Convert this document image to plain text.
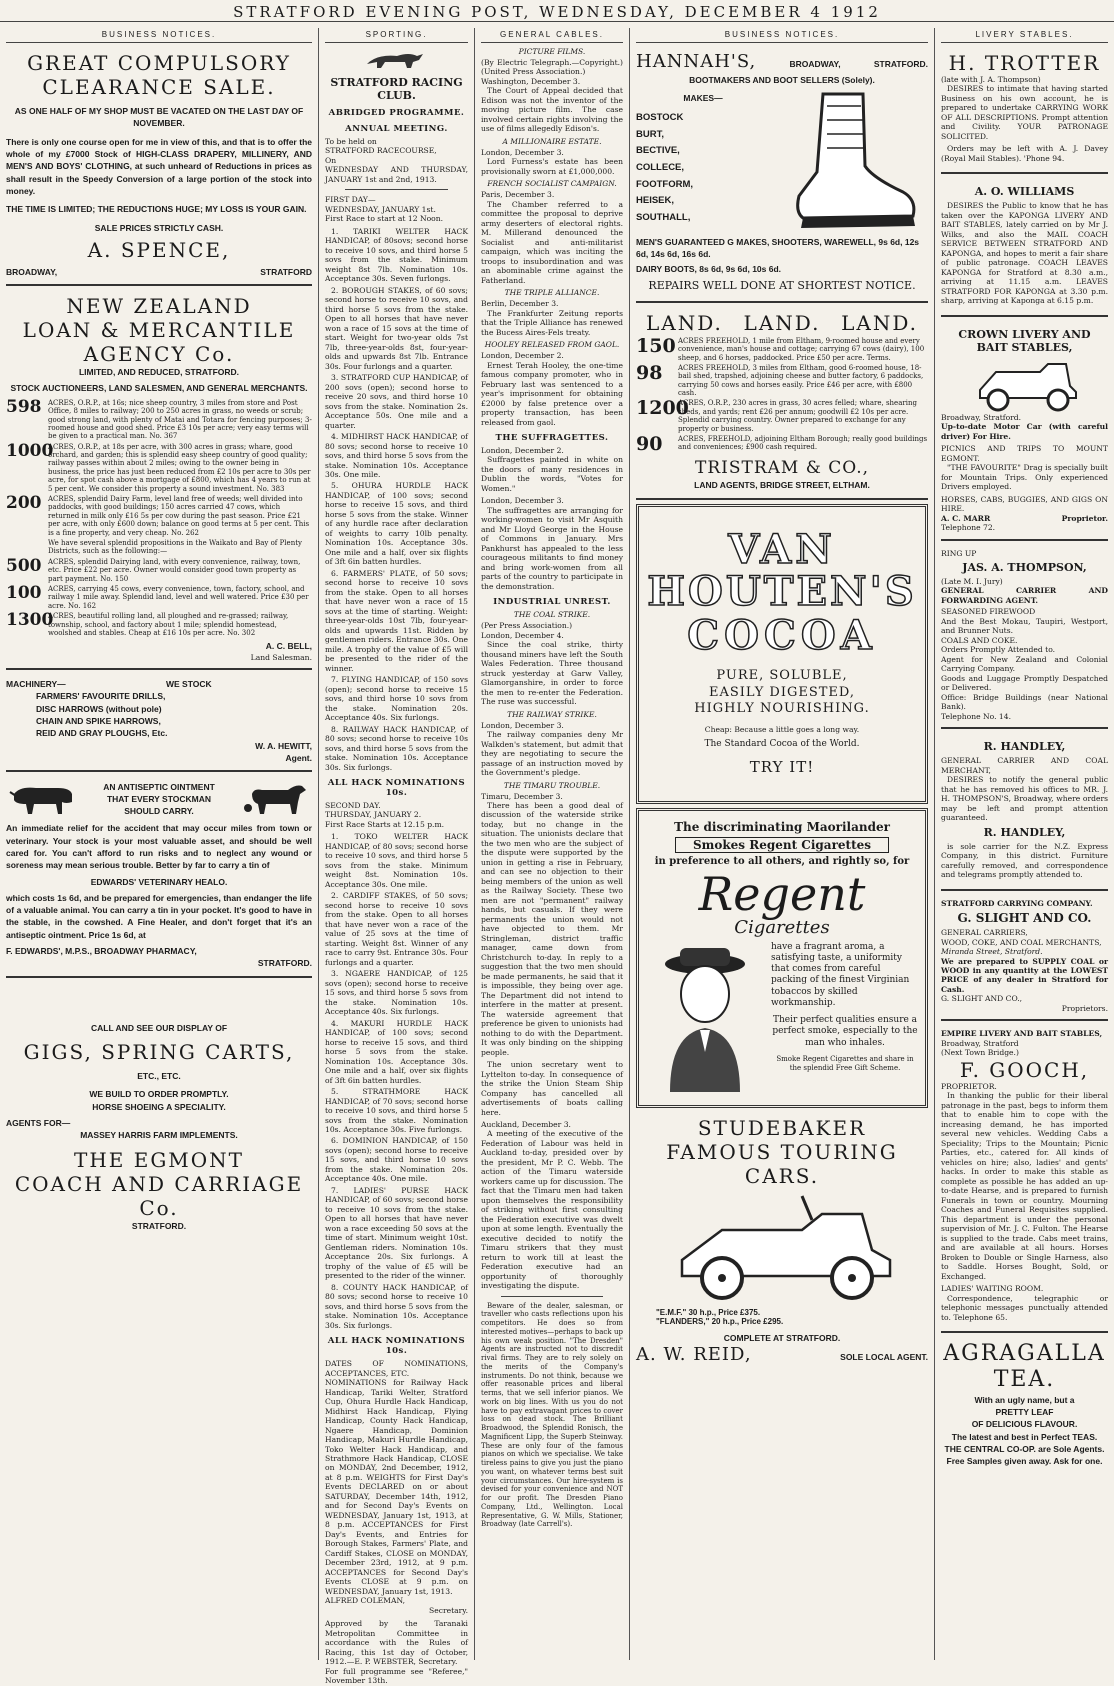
STRATFORD EVENING POST, WEDNESDAY, DECEMBER 4 1912
BUSINESS NOTICES.
GREAT COMPULSORY
CLEARANCE SALE.
AS ONE HALF OF MY SHOP MUST BE VACATED ON THE LAST DAY OF NOVEMBER.
There is only one course open for me in view of this, and that is to offer the whole of my £7000 Stock of HIGH-CLASS DRAPERY, MILLINERY, AND MEN'S AND BOYS' CLOTHING, at such unheard of Reductions in prices as shall result in the Speedy Conversion of a large portion of the stock into money.
THE TIME IS LIMITED; THE REDUCTIONS HUGE; MY LOSS IS YOUR GAIN.
SALE PRICES STRICTLY CASH.
A. SPENCE,
BROADWAY,	STRATFORD
NEW ZEALAND
LOAN & MERCANTILE
AGENCY Co.
LIMITED, AND REDUCED, STRATFORD.
STOCK AUCTIONEERS, LAND SALESMEN, AND GENERAL MERCHANTS.
598 ACRES, O.R.P., at 16s; nice sheep country, 3 miles from store and Post Office, 8 miles to railway; 200 to 250 acres in grass, no weeds or scrub; good strong land, with plenty of Matai and Totara for fencing purposes; 3-roomed house and good shed. Price £3 10s per acre; very easy terms will be given to a practical man. No. 367
1000
ACRES, O.R.P., at 18s per acre, with 300 acres in grass; whare, good orchard, and garden; this is splendid easy sheep country of good quality; railway passes within about 2 miles; owing to the owner being in business, the price has just been reduced from £2 10s per acre to 30s per acre, for spot cash above a mortgage of £800, which has 4 years to run at 5 per cent. We consider this property a sound investment. No. 383
200 ACRES, splendid Dairy Farm, level land free of weeds; well divided into paddocks, with good buildings; 150 acres carried 47 cows, which returned in milk only £16 5s per cow during the past season. Price £21 per acre, with only £600 down; balance on good terms at 5 per cent. This is a fine property, and very cheap. No. 262
We have several splendid propositions in the Waikato and Bay of Plenty Districts, such as the following:—
500 ACRES, splendid Dairying land, with every convenience, railway, town, etc. Price £22 per acre. Owner would consider good town property as part payment. No. 150
100 ACRES, carrying 45 cows, every convenience, town, factory, school, and railway 1 mile away. Splendid land, level and well watered. Price £30 per acre. No. 162
1300
ACRES, beautiful rolling land, all ploughed and re-grassed; railway, township, school, and factory about 1 mile; splendid homestead, woolshed and stables. Cheap at £16 10s per acre. No. 302
A. C. BELL,
Land Salesman.
MACHINERY—	WE STOCK
FARMERS' FAVOURITE DRILLS,
DISC HARROWS (without pole)
CHAIN AND SPIKE HARROWS,
REID AND GRAY PLOUGHS, Etc.
W. A. HEWITT,
Agent.
AN ANTISEPTIC OINTMENT
THAT EVERY STOCKMAN
SHOULD CARRY.
An immediate relief for the accident that may occur miles from town or veterinary. Your stock is your most valuable asset, and should be well cared for. You can't afford to run risks and to neglect any wound or soreness may mean serious trouble. Better by far to carry a tin of
EDWARDS' VETERINARY HEALO.
which costs 1s 6d, and be prepared for emergencies, than endanger the life of a valuable animal. You can carry a tin in your pocket. It's good to have in the stable, in the cowshed. A Fine Healer, and don't forget that it's an antiseptic ointment. Price 1s 6d, at
F. EDWARDS', M.P.S., BROADWAY PHARMACY,
STRATFORD.
CALL AND SEE OUR DISPLAY OF
GIGS, SPRING CARTS,
ETC., ETC.
WE BUILD TO ORDER PROMPTLY.
HORSE SHOEING A SPECIALITY.
AGENTS FOR—
MASSEY HARRIS FARM IMPLEMENTS.
THE EGMONT
COACH AND CARRIAGE Co.
STRATFORD.
SPORTING.
STRATFORD RACING CLUB.
ABRIDGED PROGRAMME.
ANNUAL MEETING.
To be held on
STRATFORD RACECOURSE,
On
WEDNESDAY AND THURSDAY, JANUARY 1st and 2nd, 1913.
FIRST DAY—
WEDNESDAY, JANUARY 1st.
First Race to start at 12 Noon.

1. TARIKI WELTER HACK HANDICAP, of 80sovs; second horse to receive 10 sovs, and third horse 5 sovs from the stake. Minimum weight 8st 7lb. Nomination 10s. Acceptance 30s. Seven furlongs.

2. BOROUGH STAKES, of 60 sovs; second horse to receive 10 sovs, and third horse 5 sovs from the stake. Open to all horses that have never won a race of 15 sovs at the time of start. Weight for two-year olds 7st 7lb, three-year-olds 8st, four-year-olds and upwards 8st 7lb. Entrance 30s. Four furlongs and a quarter.

3. STRATFORD CUP HANDICAP, of 200 sovs (open); second horse to receive 20 sovs, and third horse 10 sovs from the stake. Nomination 2s. Acceptance 50s. One mile and a quarter.

4. MIDHIRST HACK HANDICAP, of 80 sovs; second horse to receive 10 sovs, and third horse 5 sovs from the stake. Nomination 10s. Acceptance 30s. One mile.

5. OHURA HURDLE HACK HANDICAP, of 100 sovs; second horse to receive 15 sovs, and third horse 5 sovs from the stake. Winner of any hurdle race after declaration of weights to carry 10lb penalty. Nomination 10s. Acceptance 30s. One mile and a half, over six flights of 3ft 6in batten hurdles.

6. FARMERS' PLATE, of 50 sovs; second horse to receive 10 sovs from the stake. Open to all horses that have never won a race of 15 sovs at the time of starting. Weight: three-year-olds 10st 7lb, four-year-olds and upwards 11st. Ridden by gentlemen riders. Entrance 30s. One mile. A trophy of the value of £5 will be presented to the rider of the winner.

7. FLYING HANDICAP, of 150 sovs (open); second horse to receive 15 sovs, and third horse 10 sovs from the stake. Nomination 20s. Acceptance 40s. Six furlongs.

8. RAILWAY HACK HANDICAP, of 80 sovs; second horse to receive 10s sovs, and third horse 5 sovs from the stake. Nomination 10s. Acceptance 30s. Six furlongs.

ALL HACK NOMINATIONS 10s.
SECOND DAY.
THURSDAY, JANUARY 2.
First Race Starts at 12.15 p.m.

1. TOKO WELTER HACK HANDICAP, of 80 sovs; second horse to receive 10 sovs, and third horse 5 sovs from the stake. Minimum weight 8st. Nomination 10s. Acceptance 30s. One mile.

2. CARDIFF STAKES, of 50 sovs; second horse to receive 10 sovs from the stake. Open to all horses that have never won a race of the value of 25 sovs at the time of starting. Weight 8st. Winner of any race to carry 9st. Entrance 30s. Four furlongs and a quarter.

3. NGAERE HANDICAP, of 125 sovs (open); second horse to receive 15 sovs, and third horse 5 sovs from the stake. Nomination 10s. Acceptance 40s. Six furlongs.

4. MAKURI HURDLE HACK HANDICAP, of 100 sovs; second horse to receive 15 sovs, and third horse 5 sovs from the stake. Nomination 10s. Acceptance 30s. One mile and a half, over six flights of 3ft 6in batten hurdles.

5. STRATHMORE HACK HANDICAP, of 70 sovs; second horse to receive 10 sovs, and third horse 5 sovs from the stake. Nomination 10s. Acceptance 30s. Five furlongs.

6. DOMINION HANDICAP, of 150 sovs (open); second horse to receive 15 sovs, and third horse 10 sovs from the stake. Nomination 20s. Acceptance 40s. One mile.

7. LADIES' PURSE HACK HANDICAP, of 60 sovs; second horse to receive 10 sovs from the stake. Open to all horses that have never won a race exceeding 50 sovs at the time of start. Minimum weight 10st. Gentleman riders. Nomination 10s. Acceptance 20s. Six furlongs. A trophy of the value of £5 will be presented to the rider of the winner.

8. COUNTY HACK HANDICAP, of 80 sovs; second horse to receive 10 sovs, and third horse 5 sovs from the stake. Nomination 10s. Acceptance 30s. Six furlongs.

ALL HACK NOMINATIONS 10s.
DATES OF NOMINATIONS, ACCEPTANCES, ETC.
NOMINATIONS for Railway Hack Handicap, Tariki Welter, Stratford Cup, Ohura Hurdle Hack Handicap, Midhirst Hack Handicap, Flying Handicap, County Hack Handicap, Ngaere Handicap, Dominion Handicap, Makuri Hurdle Handicap, Toko Welter Hack Handicap, and Strathmore Hack Handicap, CLOSE on MONDAY, 2nd December, 1912, at 8 p.m. WEIGHTS for First Day's Events DECLARED on or about SATURDAY, December 14th, 1912, and for Second Day's Events on WEDNESDAY, January 1st, 1913, at 8 p.m. ACCEPTANCES for First Day's Events, and Entries for Borough Stakes, Farmers' Plate, and Cardiff Stakes, CLOSE on MONDAY, December 23rd, 1912, at 9 p.m. ACCEPTANCES for Second Day's Events CLOSE at 9 p.m. on WEDNESDAY, January 1st, 1913.
ALFRED COLEMAN,
Secretary.
Approved by the Taranaki Metropolitan Committee in accordance with the Rules of Racing, this 1st day of October, 1912.—E. P. WEBSTER, Secretary.
For full programme see "Referee," November 13th.
GENERAL CABLES.
PICTURE FILMS.
(By Electric Telegraph.—Copyright.) (United Press Association.)
Washington, December 3.

The Court of Appeal decided that Edison was not the inventor of the moving picture film. The case involved certain rights involving the use of films allegedly Edison's.

A MILLIONAIRE ESTATE.
London, December 3.

Lord Furness's estate has been provisionally sworn at £1,000,000.

FRENCH SOCIALIST CAMPAIGN.
Paris, December 3.

The Chamber referred to a committee the proposal to deprive army deserters of electoral rights. M. Millerand denounced the Socialist and anti-militarist campaign, which was inciting the troops to insubordination and was an abominable crime against the Fatherland.

THE TRIPLE ALLIANCE.
Berlin, December 3.

The Frankfurter Zeitung reports that the Triple Alliance has renewed the Bucess Aires-Fels treaty.

HOOLEY RELEASED FROM GAOL.
London, December 2.

Ernest Terah Hooley, the one-time famous company promoter, who in February last was sentenced to a year's imprisonment for obtaining £2000 by false pretence over a property transaction, has been released from gaol.

THE SUFFRAGETTES.
London, December 2.

Suffragettes painted in white on the doors of many residences in Dublin the words, "Votes for Women."

London, December 3.

The suffragettes are arranging for working-women to visit Mr Asquith and Mr Lloyd George in the House of Commons in January. Mrs Pankhurst has appealed to the less courageous militants to find money and bring work-women from all parts of the country to participate in the demonstration.

INDUSTRIAL UNREST.
THE COAL STRIKE.
(Per Press Association.)
London, December 4.

Since the coal strike, thirty thousand miners have left the South Wales Federation. Three thousand struck yesterday at Garw Valley, Glamorganshire, in order to force the men to re-enter the Federation. The ruse was successful.

THE RAILWAY STRIKE.
London, December 3.

The railway companies deny Mr Walkden's statement, but admit that they are negotiating to secure the passage of an instruction moved by the Government's pledge.

THE TIMARU TROUBLE.
Timaru, December 3.

There has been a good deal of discussion of the waterside strike today, but no change in the situation. The unionists declare that the two men who are the subject of the dispute were supported by the union in getting a rise in February, and can see no objection to their being members of the union as well as the Railway Society. These two men are not "permanent" railway hands, but casuals. If they were permanents the union would not have objected to them. Mr Stringleman, district traffic manager, came down from Christchurch to-day. In reply to a suggestion that the two men should be made permanents, he said that it is impossible, they being over age. The Department did not intend to interfere in the matter at present. The waterside agreement that preference be given to unionists had nothing to do with the Department. It was only binding on the shipping people.

The union secretary went to Lyttelton to-day. In consequence of the strike the Union Steam Ship Company has cancelled all advertisements of boats calling here.

Auckland, December 3.

A meeting of the executive of the Federation of Labour was held in Auckland to-day, presided over by the president, Mr P. C. Webb. The action of the Timaru waterside workers came up for discussion. The fact that the Timaru men had taken upon themselves the responsibility of striking without first consulting the Federation executive was dwelt upon at some length. Eventually the executive decided to notify the Timaru strikers that they must return to work till at least the Federation executive had an opportunity of thoroughly investigating the dispute.

Beware of the dealer, salesman, or traveller who casts reflections upon his competitors. He does so from interested motives—perhaps to back up his own weak position. "The Dresden" Agents are instructed not to discredit rival firms. They are to rely solely on the merits of the Company's instruments. Do not think, because we offer reasonable prices and liberal terms, that we sell inferior pianos. We work on big lines. With us you do not have to pay extravagant prices to cover loss on dead stock. The Brilliant Broadwood, the Splendid Ronisch, the Magnificent Lipp, the Superb Steinway. These are only four of the famous pianos on which we specialise. We take tireless pains to give you just the piano you want, on whatever terms best suit your circumstances. Our hire-system is devised for your convenience and NOT for our profit. The Dresden Piano Company, Ltd., Wellington. Local Representative, G. W. Mills, Stationer, Broadway (late Carrell's).

BUSINESS NOTICES.
HANNAH'S,	BROADWAY,	STRATFORD.
BOOTMAKERS AND BOOT SELLERS (Solely).
MAKES—
BOSTOCK
BURT,
BECTIVE,
COLLECE,
FOOTFORM,
HEISEK,
SOUTHALL,
MEN'S GUARANTEED G MAKES, SHOOTERS, WAREWELL, 9s 6d, 12s 6d, 14s 6d, 16s 6d.
DAIRY BOOTS, 8s 6d, 9s 6d, 10s 6d.
REPAIRS WELL DONE AT SHORTEST NOTICE.
LAND. LAND. LAND.
150 ACRES FREEHOLD, 1 mile from Eltham, 9-roomed house and every convenience, man's house and cottage; carrying 67 cows (dairy), 100 sheep, and 6 horses, paddocked. Price £50 per acre. Terms.
98	ACRES FREEHOLD, 3 miles from Eltham, good 6-roomed house, 18-bail shed, trapshed, adjoining cheese and butter factory, 6 paddocks, carrying 50 cows and horses easily. Price £46 per acre, with £800 cash.
1200
ACRES, O.R.P., 230 acres in grass, 30 acres felled; whare, shearing sheds, and yards; rent £26 per annum; goodwill £2 10s per acre. Splendid carrying country. Owner prepared to exchange for any property or business.
90	ACRES, FREEHOLD, adjoining Eltham Borough; really good buildings and conveniences; £900 cash required.
TRISTRAM & CO.,
LAND AGENTS, BRIDGE STREET, ELTHAM.
VAN
HOUTEN'S
COCOA
PURE, SOLUBLE,
EASILY DIGESTED,
HIGHLY NOURISHING.
Cheap: Because a little goes a long way.
The Standard Cocoa of the World.
TRY IT!
The discriminating Maorilander
Smokes Regent Cigarettes
in preference to all others, and rightly so, for
Regent
Cigarettes
have a fragrant aroma, a satisfying taste, a uniformity that comes from careful packing of the finest Virginian tobaccos by skilled workmanship.
Their perfect qualities ensure a perfect smoke, especially to the man who inhales.
Smoke Regent Cigarettes and share in the splendid Free Gift Scheme.
STUDEBAKER
FAMOUS TOURING CARS.
"E.M.F." 30 h.p., Price £375.
"FLANDERS," 20 h.p., Price £295.
COMPLETE AT STRATFORD.
A. W. REID,	SOLE LOCAL AGENT.
LIVERY STABLES.
H. TROTTER
(late with J. A. Thompson)

DESIRES to intimate that having started Business on his own account, he is prepared to undertake CARRYING WORK OF ALL DESCRIPTIONS. Prompt attention and Civility. YOUR PATRONAGE SOLICITED.

Orders may be left with A. J. Davey (Royal Mail Stables). 'Phone 94.

A. O. WILLIAMS

DESIRES the Public to know that he has taken over the KAPONGA LIVERY AND BAIT STABLES, lately carried on by Mr J. Wilks, and also the MAIL COACH SERVICE BETWEEN STRATFORD AND KAPONGA, and hopes to merit a fair share of public patronage. COACH LEAVES KAPONGA for Stratford at 8.30 a.m., arriving at 11.15 a.m. LEAVES STRATFORD FOR KAPONGA at 3.30 p.m. sharp, arriving at Kaponga at 6.15 p.m.

CROWN LIVERY AND BAIT STABLES,
Broadway, Stratford.
Up-to-date Motor Car (with careful driver) For Hire.
PICNICS AND TRIPS TO MOUNT EGMONT.

"THE FAVOURITE" Drag is specially built for Mountain Trips. Only experienced Drivers employed.

HORSES, CABS, BUGGIES, AND GIGS ON HIRE.
A. C. MARR	Proprietor.
Telephone 72.
RING UP
JAS. A. THOMPSON,
(Late M. I. Jury)
GENERAL CARRIER AND FORWARDING AGENT.
SEASONED FIREWOOD
And the Best Mokau, Taupiri, Westport, and Brunner Nuts.
COALS AND COKE.
Orders Promptly Attended to.
Agent for New Zealand and Colonial Carrying Company.
Goods and Luggage Promptly Despatched or Delivered.
Office: Bridge Buildings (near National Bank).
Telephone No. 14.
R. HANDLEY,
GENERAL CARRIER AND COAL MERCHANT,

DESIRES to notify the general public that he has removed his offices to MR. J. H. THOMPSON'S, Broadway, where orders may be left and prompt attention guaranteed.

R. HANDLEY,

is sole carrier for the N.Z. Express Company, in this district. Furniture carefully removed, and correspondence and telegrams promptly attended to.

STRATFORD CARRYING COMPANY.
G. SLIGHT AND CO.
GENERAL CARRIERS,
WOOD, COKE, AND COAL MERCHANTS,
Miranda Street, Stratford.
We are prepared to SUPPLY COAL or WOOD in any quantity at the LOWEST PRICE of any dealer in Stratford for Cash.
G. SLIGHT AND CO.,
Proprietors.
EMPIRE LIVERY AND BAIT STABLES,
Broadway, Stratford
(Next Town Bridge.)
F. GOOCH,
PROPRIETOR.

In thanking the public for their liberal patronage in the past, begs to inform them that to enable him to cope with the increasing demand, he has imported several new vehicles. Wedding Cabs a Speciality; Trips to the Mountain; Picnic Parties, etc., catered for. All kinds of vehicles on hire; also, ladies' and gents' hacks. In order to make this stable as complete as possible he has added an up-to-date Hearse, and is prepared to furnish Funerals in town or country. Mourning Coaches and Funeral Requisites supplied. This department is under the personal supervision of Mr. J. C. Fulton. The Hearse is supplied to the trade. Cabs meet trains, and are available at all hours. Horses Broken to Double or Single Harness, also to Saddle. Horses Bought, Sold, or Exchanged.

LADIES' WAITING ROOM.

Correspondence, telegraphic or telephonic messages punctually attended to. Telephone 65.

AGRAGALLA
TEA.
With an ugly name, but a
PRETTY LEAF
OF DELICIOUS FLAVOUR.
The latest and best in Perfect TEAS.
THE CENTRAL CO-OP. are Sole Agents. Free Samples given away. Ask for one.
